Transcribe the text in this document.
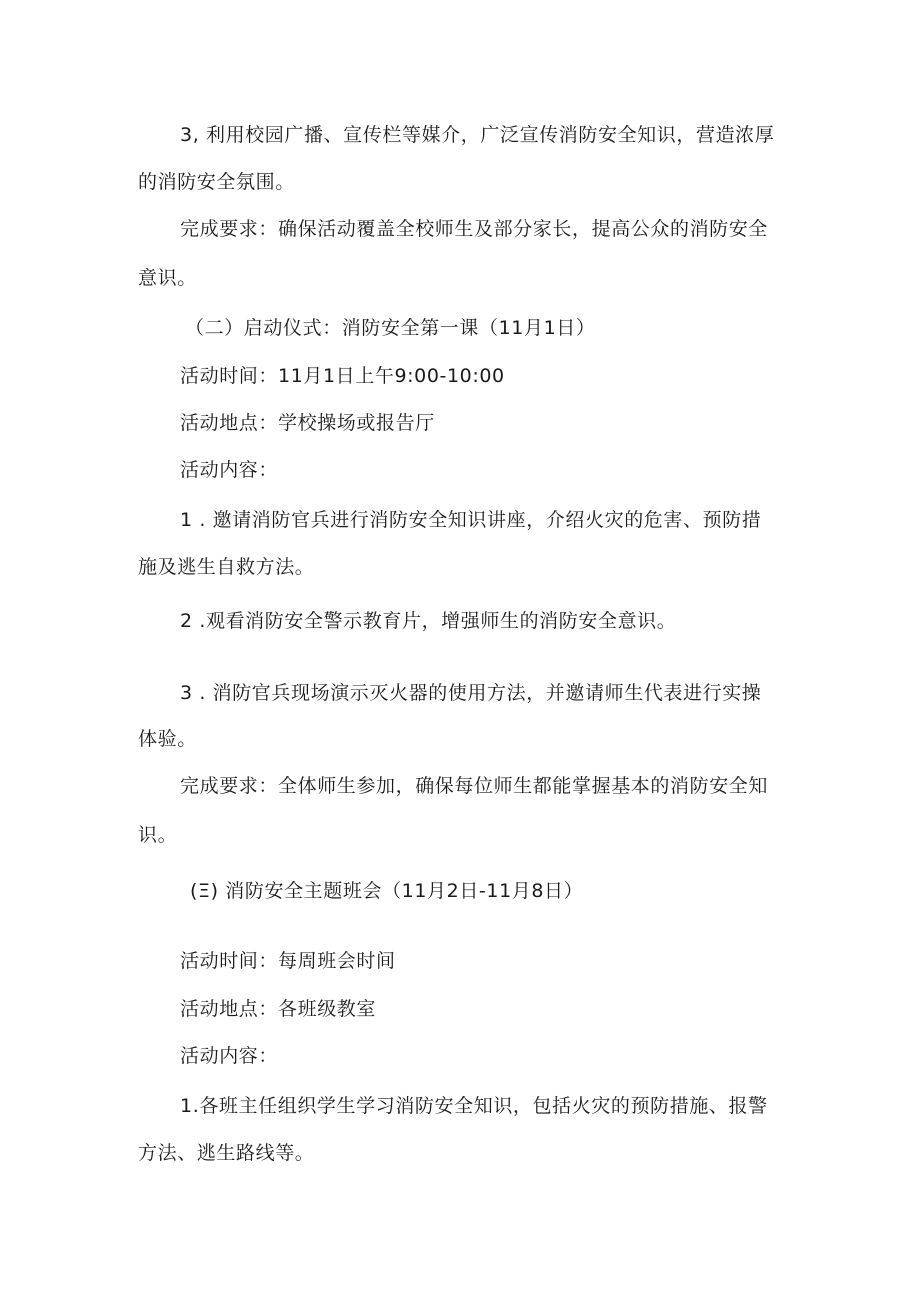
3, 利用校园广播、宣传栏等媒介，广泛宣传消防安全知识，营造浓厚
的消防安全氛围。
完成要求：确保活动覆盖全校师生及部分家长，提高公众的消防安全
意识。
（二）启动仪式：消防安全第一课（11月1日）
活动时间：11月1日上午9:00-10:00
活动地点：学校操场或报告厅
活动内容：
1 . 邀请消防官兵进行消防安全知识讲座，介绍火灾的危害、预防措
施及逃生自救方法。
2 .观看消防安全警示教育片，增强师生的消防安全意识。
3 . 消防官兵现场演示灭火器的使用方法，并邀请师生代表进行实操
体验。
完成要求：全体师生参加，确保每位师生都能掌握基本的消防安全知
识。
(Ξ) 消防安全主题班会（11月2日-11月8日）
活动时间：每周班会时间
活动地点：各班级教室
活动内容：
1.各班主任组织学生学习消防安全知识，包括火灾的预防措施、报警
方法、逃生路线等。
